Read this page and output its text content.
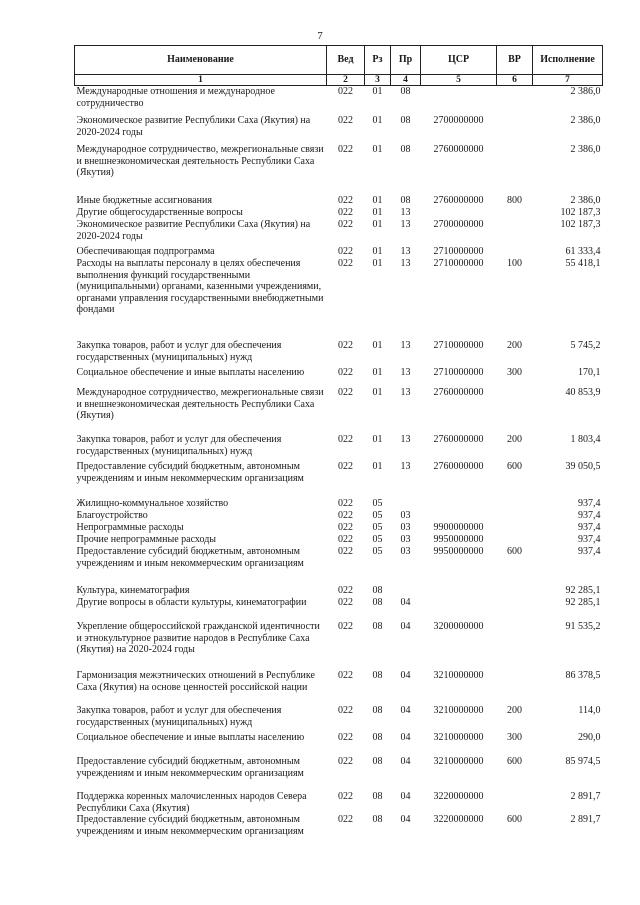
7
Наименование	Вед	Рз	Пр	ЦСР	ВР	Исполнение
1	2	3	4	5	6	7
Международные отношения и международное сотрудничество	022	01	08			2 386,0
Экономическое развитие Республики Саха (Якутия) на 2020-2024 годы	022	01	08	2700000000		2 386,0
Международное сотрудничество, межрегиональные связи и внешнеэкономическая деятельность Республики Саха (Якутия)	022	01	08	2760000000		2 386,0
Иные бюджетные ассигнования	022	01	08	2760000000	800	2 386,0
Другие общегосударственные вопросы	022	01	13			102 187,3
Экономическое развитие Республики Саха (Якутия) на 2020-2024 годы	022	01	13	2700000000		102 187,3
Обеспечивающая подпрограмма	022	01	13	2710000000		61 333,4
Расходы на выплаты персоналу в целях обеспечения выполнения функций государственными (муниципальными) органами, казенными учреждениями, органами управления государственными внебюджетными фондами	022	01	13	2710000000	100	55 418,1
Закупка товаров, работ и услуг для обеспечения государственных (муниципальных) нужд	022	01	13	2710000000	200	5 745,2
Социальное обеспечение и иные выплаты населению	022	01	13	2710000000	300	170,1
Международное сотрудничество, межрегиональные связи и внешнеэкономическая деятельность Республики Саха (Якутия)	022	01	13	2760000000		40 853,9
Закупка товаров, работ и услуг для обеспечения государственных (муниципальных) нужд	022	01	13	2760000000	200	1 803,4
Предоставление субсидий бюджетным, автономным учреждениям и иным некоммерческим организациям	022	01	13	2760000000	600	39 050,5
Жилищно-коммунальное хозяйство	022	05				937,4
Благоустройство	022	05	03			937,4
Непрограммные расходы	022	05	03	9900000000		937,4
Прочие непрограммные расходы	022	05	03	9950000000		937,4
Предоставление субсидий бюджетным, автономным учреждениям и иным некоммерческим организациям	022	05	03	9950000000	600	937,4
Культура, кинематография	022	08				92 285,1
Другие вопросы в области культуры, кинематографии	022	08	04			92 285,1
Укрепление общероссийской гражданской идентичности и этнокультурное развитие народов в Республике Саха (Якутия) на 2020-2024 годы	022	08	04	3200000000		91 535,2
Гармонизация межэтнических отношений в Республике Саха (Якутия) на основе ценностей российской нации	022	08	04	3210000000		86 378,5
Закупка товаров, работ и услуг для обеспечения государственных (муниципальных) нужд	022	08	04	3210000000	200	114,0
Социальное обеспечение и иные выплаты населению	022	08	04	3210000000	300	290,0
Предоставление субсидий бюджетным, автономным учреждениям и иным некоммерческим организациям	022	08	04	3210000000	600	85 974,5
Поддержка коренных малочисленных народов Севера Республики Саха (Якутия)	022	08	04	3220000000		2 891,7
Предоставление субсидий бюджетным, автономным учреждениям и иным некоммерческим организациям	022	08	04	3220000000	600	2 891,7
